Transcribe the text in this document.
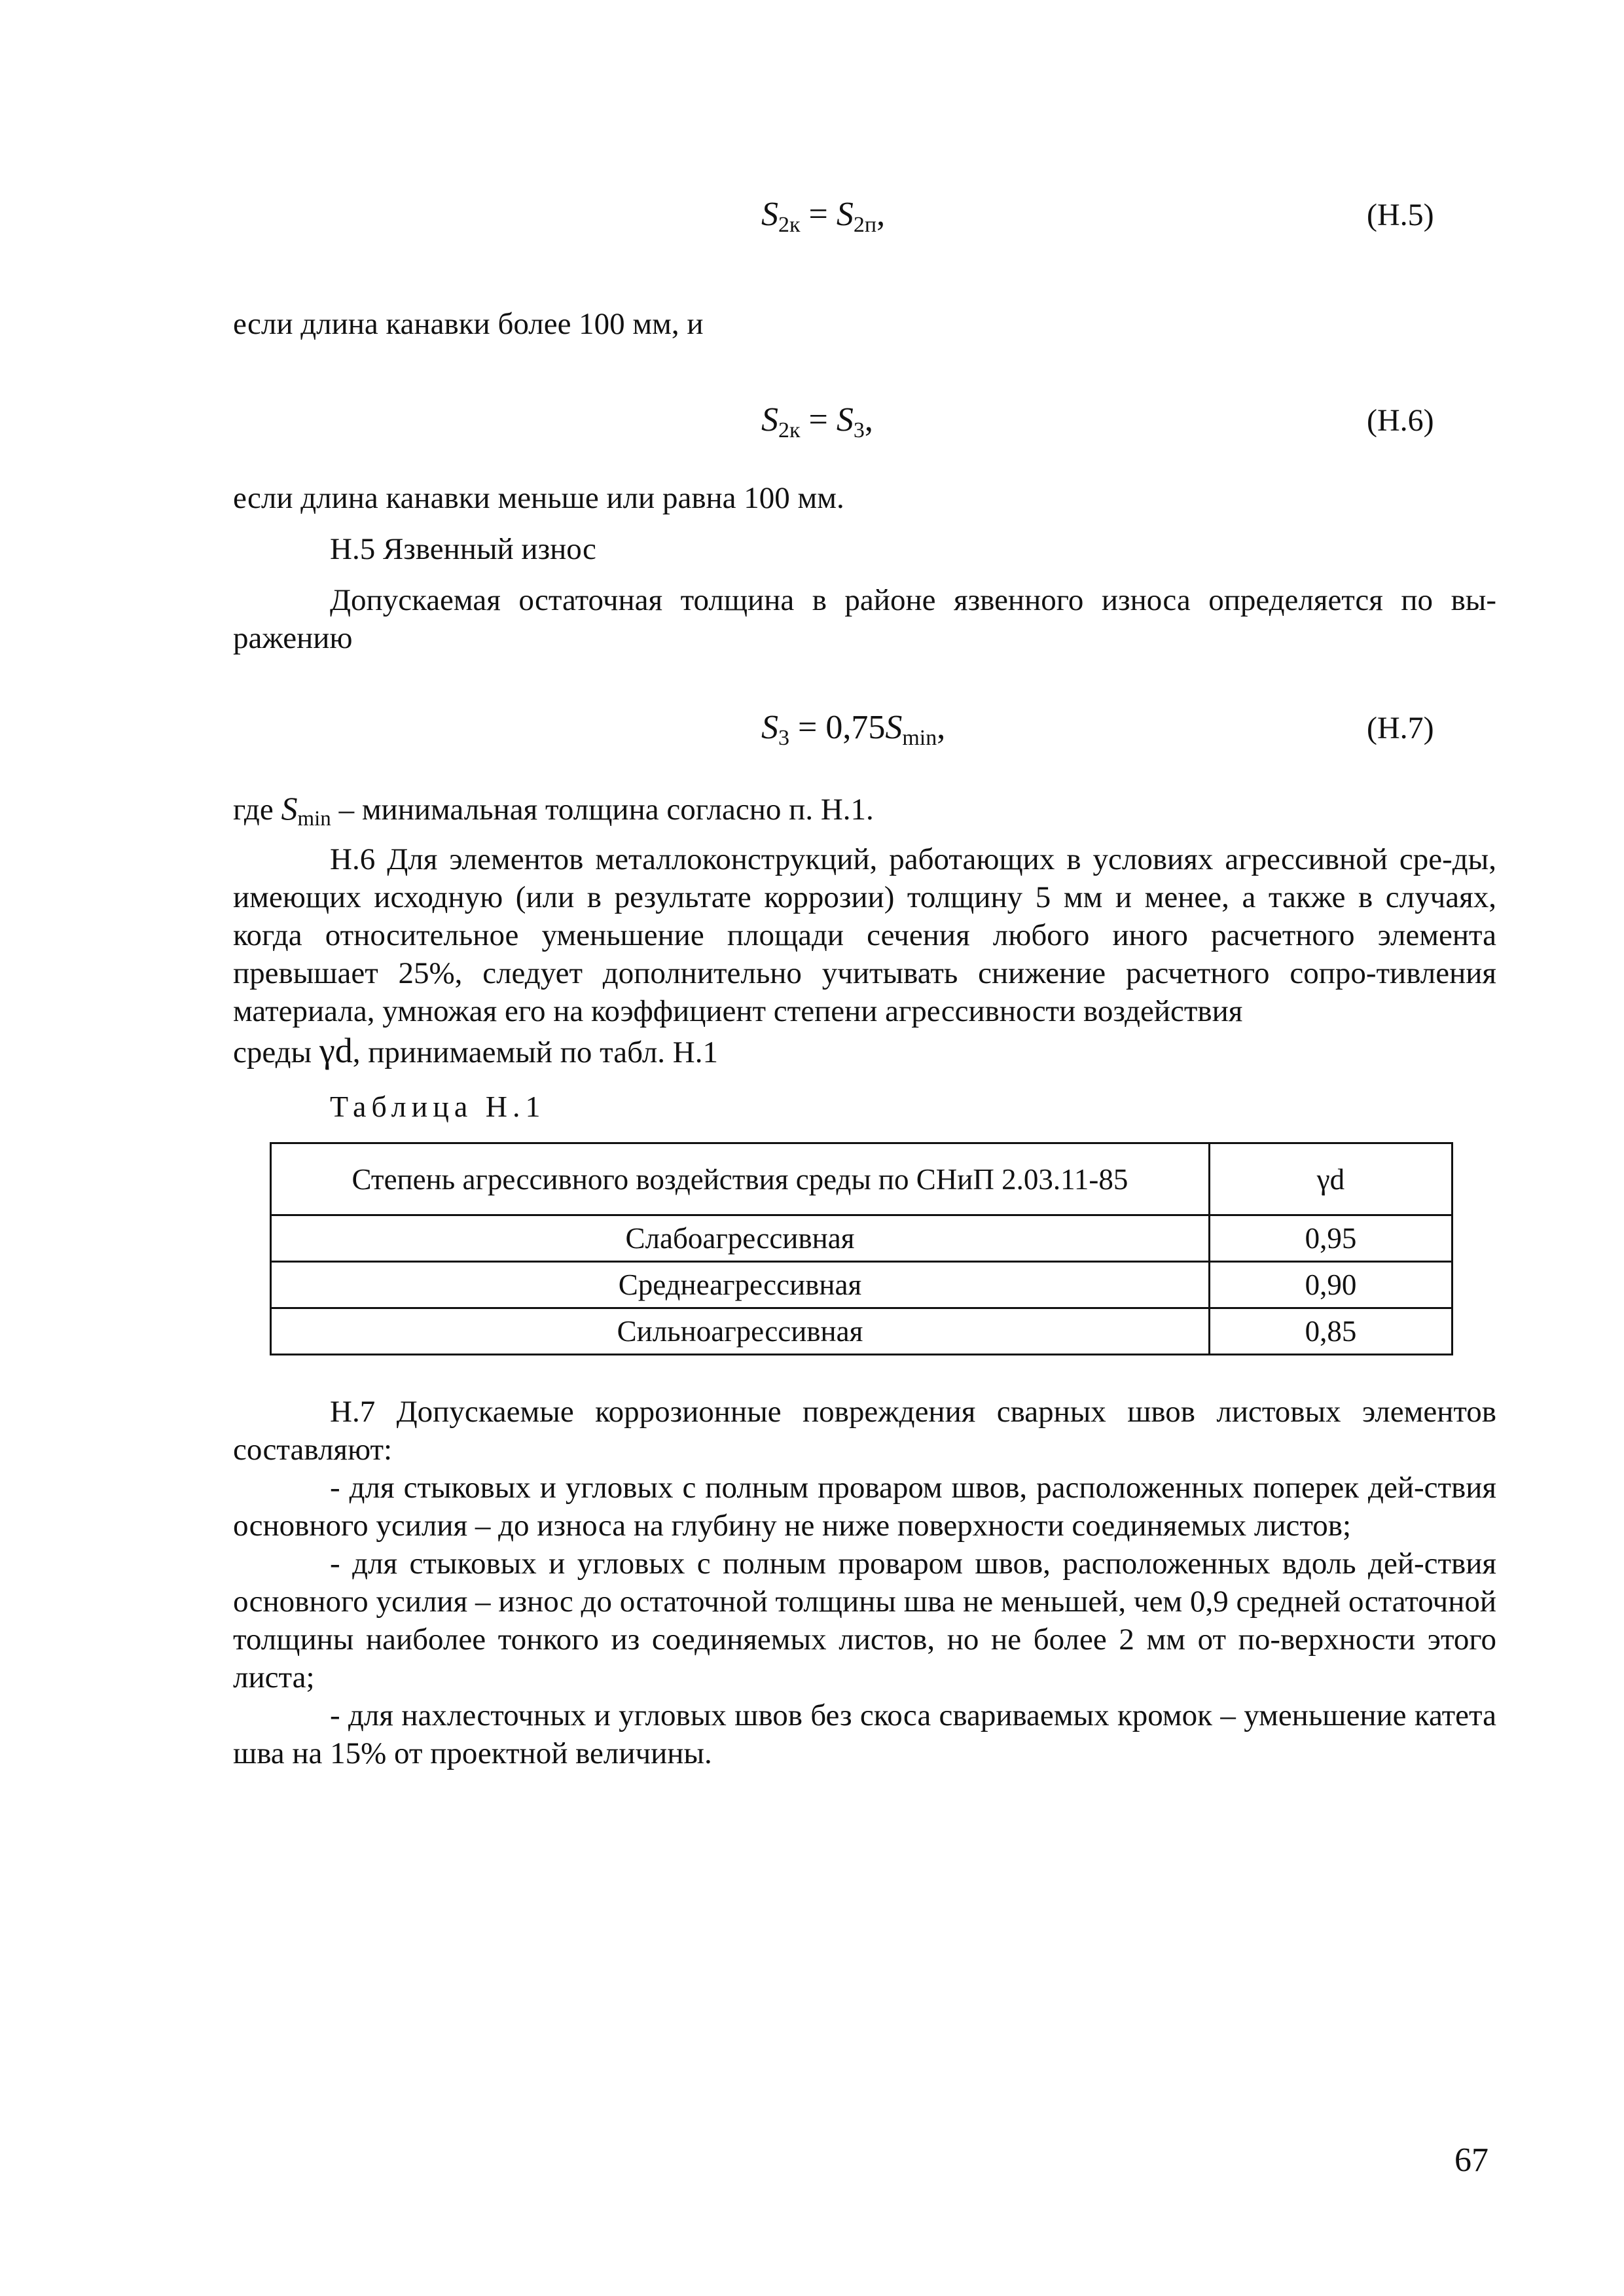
$S_{2к} = S_{2п}$,	(Н.5)
если длина канавки более 100 мм, и
$S_{2к} = S_3$,	(Н.6)
если длина канавки меньше или равна 100 мм.
Н.5 Язвенный износ
Допускаемая остаточная толщина в районе язвенного износа определяется по вы-
ражению
$S_3 = 0,75S_{min}$,	(Н.7)
где Smin – минимальная толщина согласно п. Н.1.
Н.6 Для элементов металлоконструкций, работающих в условиях агрессивной сре-ды, имеющих исходную (или в результате коррозии) толщину 5 мм и менее, а также в случаях, когда относительное уменьшение площади сечения любого иного расчетного элемента превышает 25%, следует дополнительно учитывать снижение расчетного сопро-тивления материала, умножая его на коэффициент степени агрессивности воздействия
среды γd, принимаемый по табл. Н.1
Таблица Н.1
Степень агрессивного воздействия среды по СНиП 2.03.11-85	γd
Слабоагрессивная	0,95
Среднеагрессивная	0,90
Сильноагрессивная	0,85
Н.7 Допускаемые коррозионные повреждения сварных швов листовых элементов составляют:
- для стыковых и угловых с полным проваром швов, расположенных поперек дей-ствия основного усилия – до износа на глубину не ниже поверхности соединяемых листов;
- для стыковых и угловых с полным проваром швов, расположенных вдоль дей-ствия основного усилия – износ до остаточной толщины шва не меньшей, чем 0,9 средней остаточной толщины наиболее тонкого из соединяемых листов, но не более 2 мм от по-верхности этого листа;
- для нахлесточных и угловых швов без скоса свариваемых кромок – уменьшение катета шва на 15% от проектной величины.
67
